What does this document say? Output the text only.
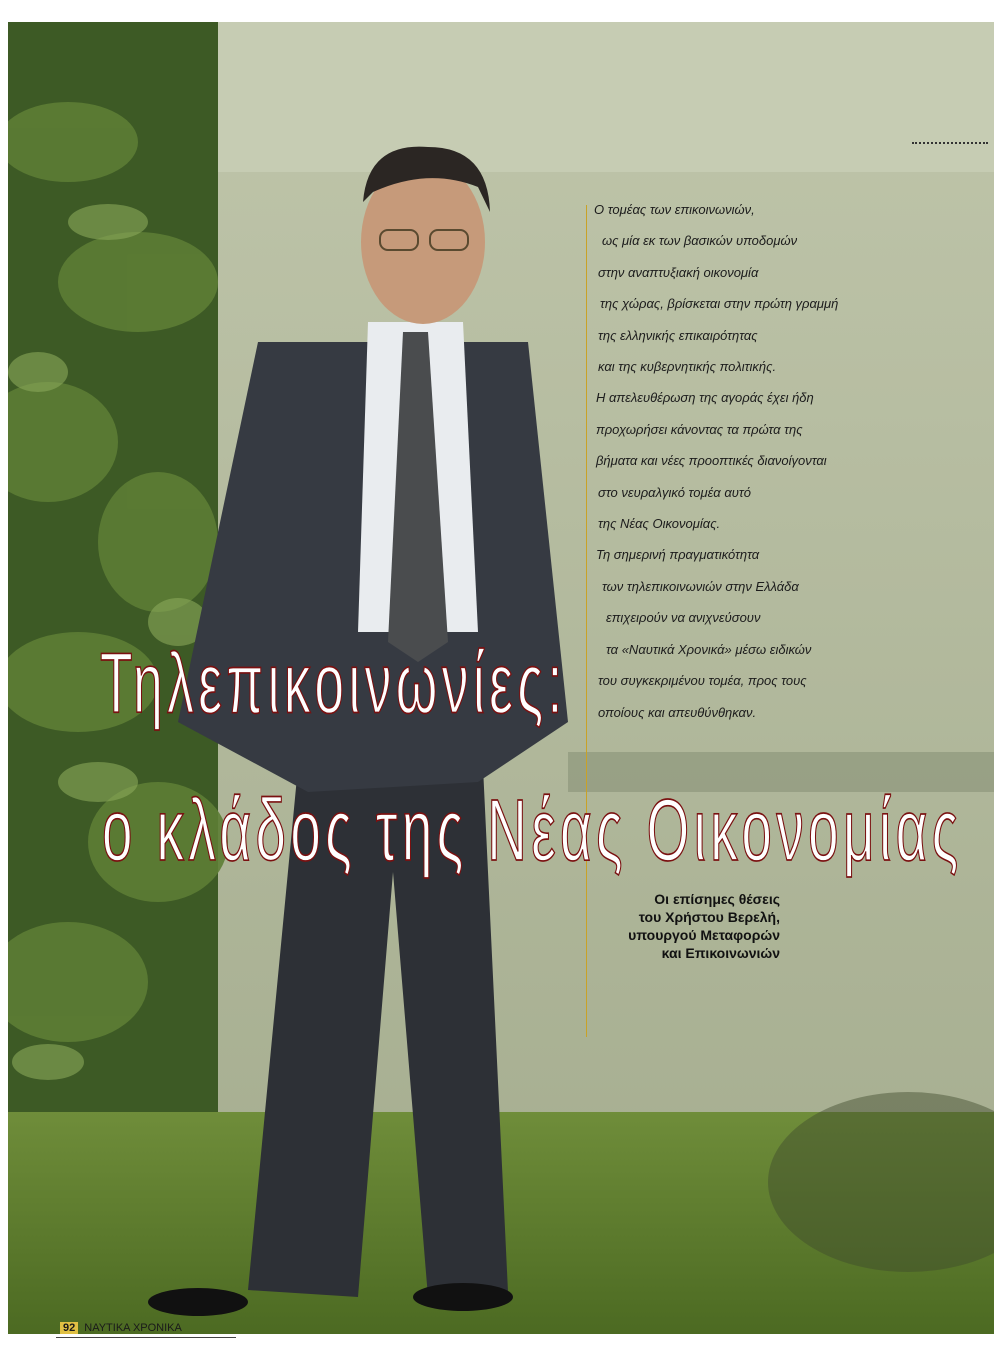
Ο τομέας των επικοινωνιών,
ως μία εκ των βασικών υποδομών
στην αναπτυξιακή οικονομία
της χώρας, βρίσκεται στην πρώτη γραμμή
της ελληνικής επικαιρότητας
και της κυβερνητικής πολιτικής.
Η απελευθέρωση της αγοράς έχει ήδη
προχωρήσει κάνοντας τα πρώτα της
βήματα και νέες προοπτικές διανοίγονται
στο νευραλγικό τομέα αυτό
της Νέας Οικονομίας.
Τη σημερινή πραγματικότητα
των τηλεπικοινωνιών στην Ελλάδα
επιχειρούν να ανιχνεύσουν
τα «Ναυτικά Χρονικά» μέσω ειδικών
του συγκεκριμένου τομέα, προς τους
οποίους και απευθύνθηκαν.
Τηλεπικοινωνίες:
ο κλάδος της Νέας Οικονομίας
Οι επίσημες θέσεις
του Χρήστου Βερελή,
υπουργού Μεταφορών
και Επικοινωνιών
92 ΝΑΥΤΙΚΑ ΧΡΟΝΙΚΑ
